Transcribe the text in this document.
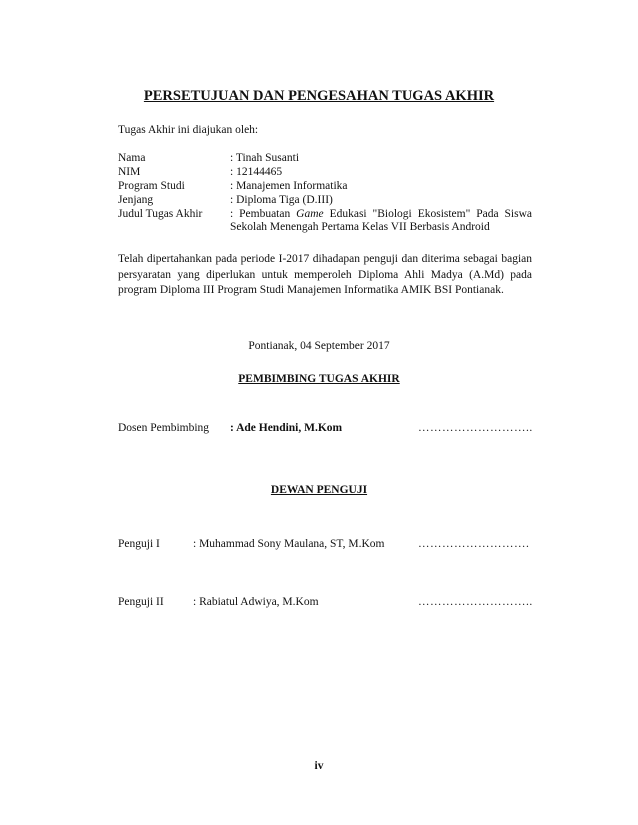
PERSETUJUAN DAN PENGESAHAN TUGAS AKHIR
Tugas Akhir ini diajukan oleh:
Nama	: Tinah Susanti
NIM	: 12144465
Program Studi	: Manajemen Informatika
Jenjang	: Diploma Tiga (D.III)
Judul Tugas Akhir : Pembuatan Game Edukasi "Biologi Ekosistem" Pada Siswa Sekolah Menengah Pertama Kelas VII Berbasis Android
Telah dipertahankan pada periode I-2017 dihadapan penguji dan diterima sebagai bagian persyaratan yang diperlukan untuk memperoleh Diploma Ahli Madya (A.Md) pada program Diploma III Program Studi Manajemen Informatika AMIK BSI Pontianak.
Pontianak, 04 September 2017
PEMBIMBING TUGAS AKHIR
Dosen Pembimbing : Ade Hendini, M.Kom	………………………..
DEWAN PENGUJI
Penguji I	: Muhammad Sony Maulana, ST, M.Kom	……………………….
Penguji II	: Rabiatul Adwiya, M.Kom	………………………..
iv
